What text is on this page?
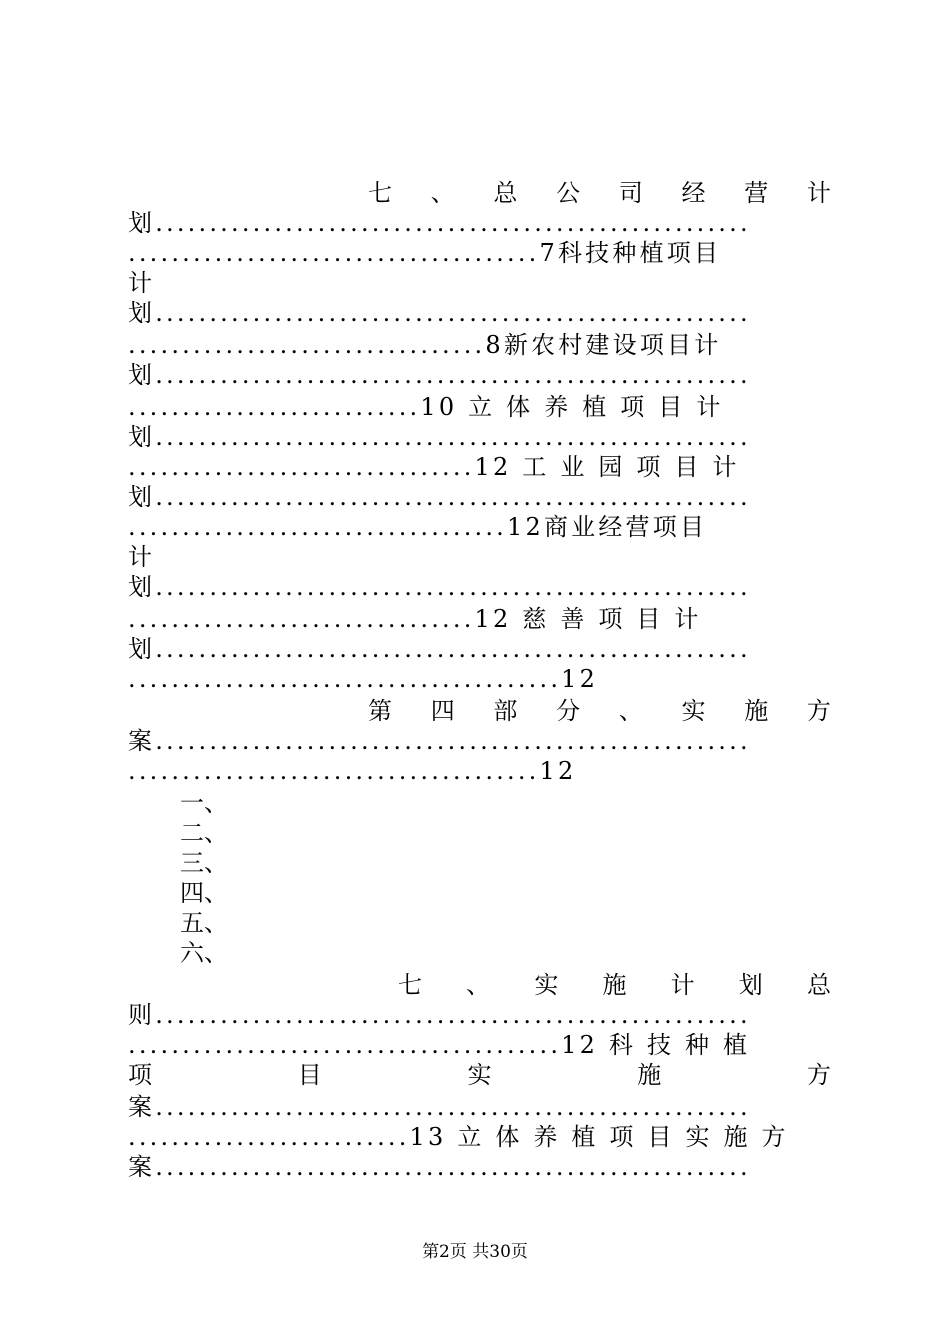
七 、 总 公 司 经 营 计
划.......................................................
......................................7科技种植项目
计
划.......................................................
.................................8新农村建设项目计
划.......................................................
...........................10 立 体 养 植 项 目 计
划.......................................................
................................12 工 业 园 项 目 计
划.......................................................
...................................12商业经营项目
计
划.......................................................
................................12 慈 善 项 目 计
划.......................................................
........................................12
第 四 部 分 、 实 施 方
案.......................................................
......................................12
一、
二、
三、
四、
五、
六、
七 、 实 施 计 划 总
则.......................................................
........................................12 科 技 种 植
项	目	实	施	方
案.......................................................
..........................13 立 体 养 植 项 目 实 施 方
案.......................................................
第2页 共30页
